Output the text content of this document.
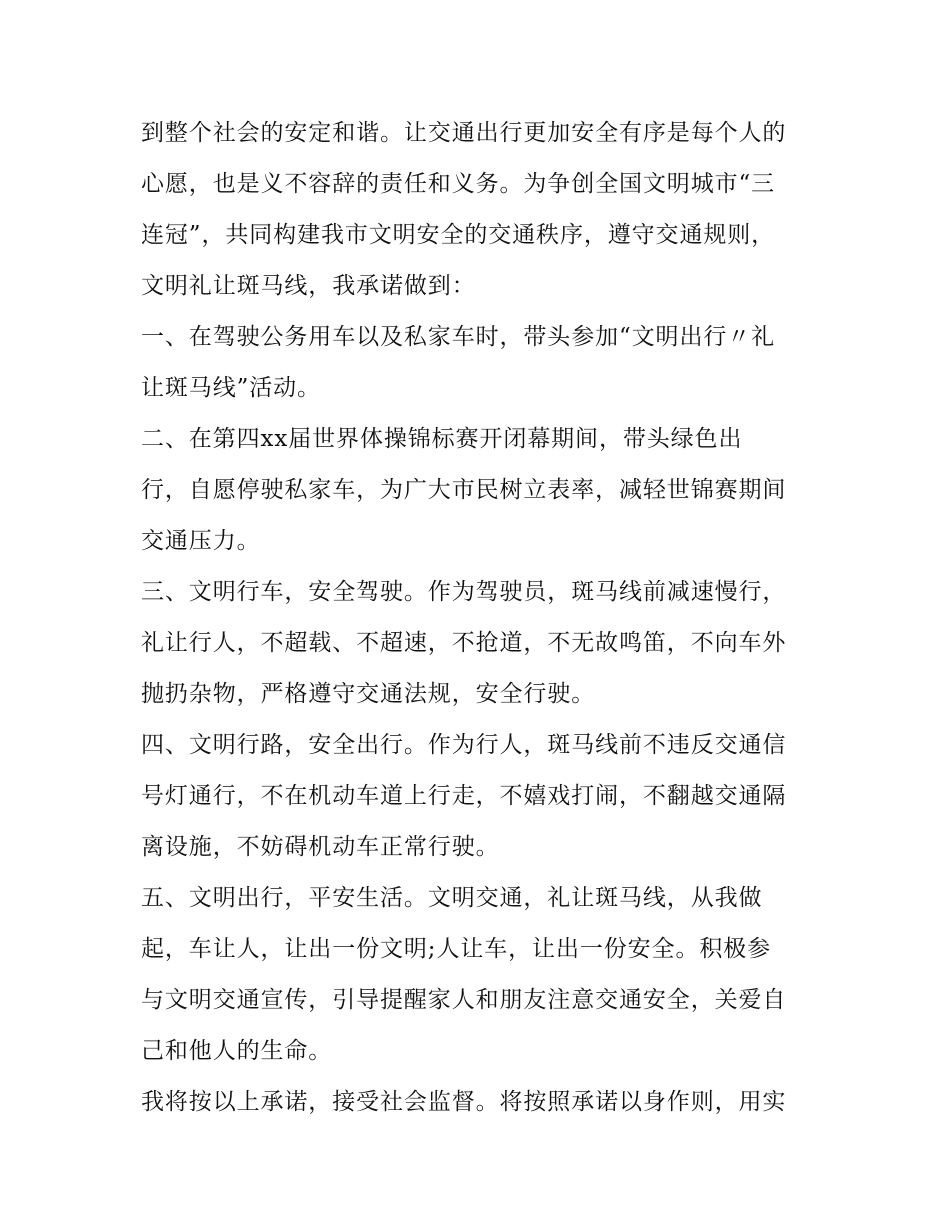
到整个社会的安定和谐。让交通出行更加安全有序是每个人的
心愿，也是义不容辞的责任和义务。为争创全国文明城市“三
连冠”，共同构建我市文明安全的交通秩序，遵守交通规则，
文明礼让斑马线，我承诺做到：
一、在驾驶公务用车以及私家车时，带头参加“文明出行〃礼
让斑马线”活动。
二、在第四xx届世界体操锦标赛开闭幕期间，带头绿色出
行，自愿停驶私家车，为广大市民树立表率，减轻世锦赛期间
交通压力。
三、文明行车，安全驾驶。作为驾驶员，斑马线前减速慢行，
礼让行人，不超载、不超速，不抢道，不无故鸣笛，不向车外
抛扔杂物，严格遵守交通法规，安全行驶。
四、文明行路，安全出行。作为行人，斑马线前不违反交通信
号灯通行，不在机动车道上行走，不嬉戏打闹，不翻越交通隔
离设施，不妨碍机动车正常行驶。
五、文明出行，平安生活。文明交通，礼让斑马线，从我做
起，车让人，让出一份文明;人让车，让出一份安全。积极参
与文明交通宣传，引导提醒家人和朋友注意交通安全，关爱自
己和他人的生命。
我将按以上承诺，接受社会监督。将按照承诺以身作则，用实
